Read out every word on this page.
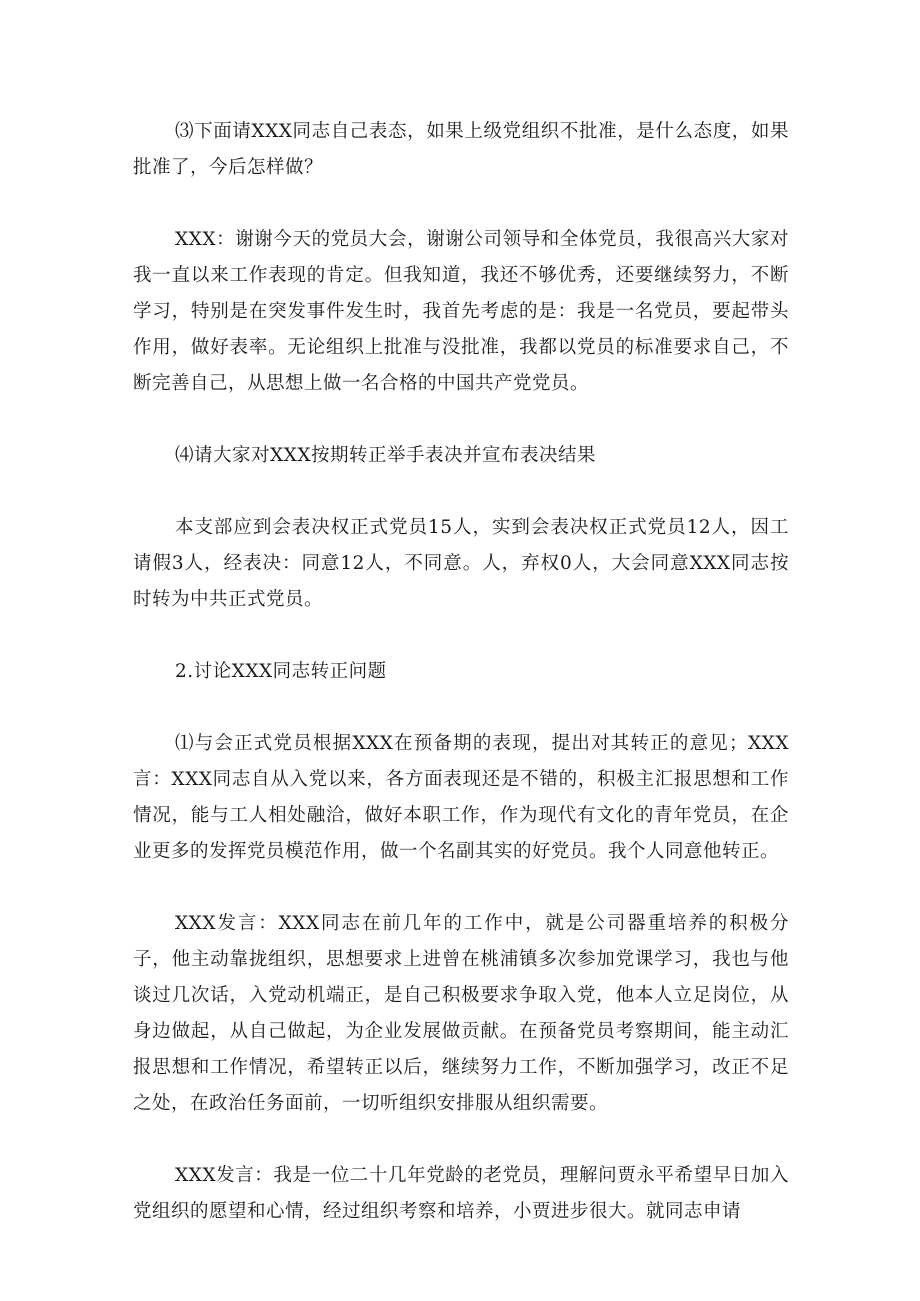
⑶下面请XXX同志自己表态，如果上级党组织不批准，是什么态度，如果批准了，今后怎样做？

XXX：谢谢今天的党员大会，谢谢公司领导和全体党员，我很高兴大家对我一直以来工作表现的肯定。但我知道，我还不够优秀，还要继续努力，不断学习，特别是在突发事件发生时，我首先考虑的是：我是一名党员，要起带头作用，做好表率。无论组织上批准与没批准，我都以党员的标准要求自己，不断完善自己，从思想上做一名合格的中国共产党党员。

⑷请大家对XXX按期转正举手表决并宣布表决结果

本支部应到会表决权正式党员15人，实到会表决权正式党员12人，因工请假3人，经表决：同意12人，不同意。人，弃权0人，大会同意XXX同志按时转为中共正式党员。

2.讨论XXX同志转正问题

⑴与会正式党员根据XXX在预备期的表现，提出对其转正的意见；XXX言：XXX同志自从入党以来，各方面表现还是不错的，积极主汇报思想和工作情况，能与工人相处融洽，做好本职工作，作为现代有文化的青年党员，在企业更多的发挥党员模范作用，做一个名副其实的好党员。我个人同意他转正。

XXX发言：XXX同志在前几年的工作中，就是公司器重培养的积极分子，他主动靠拢组织，思想要求上进曾在桃浦镇多次参加党课学习，我也与他谈过几次话，入党动机端正，是自己积极要求争取入党，他本人立足岗位，从身边做起，从自己做起，为企业发展做贡献。在预备党员考察期间，能主动汇报思想和工作情况，希望转正以后，继续努力工作，不断加强学习，改正不足之处，在政治任务面前，一切听组织安排服从组织需要。

XXX发言：我是一位二十几年党龄的老党员，理解问贾永平希望早日加入党组织的愿望和心情，经过组织考察和培养，小贾进步很大。就同志申请
